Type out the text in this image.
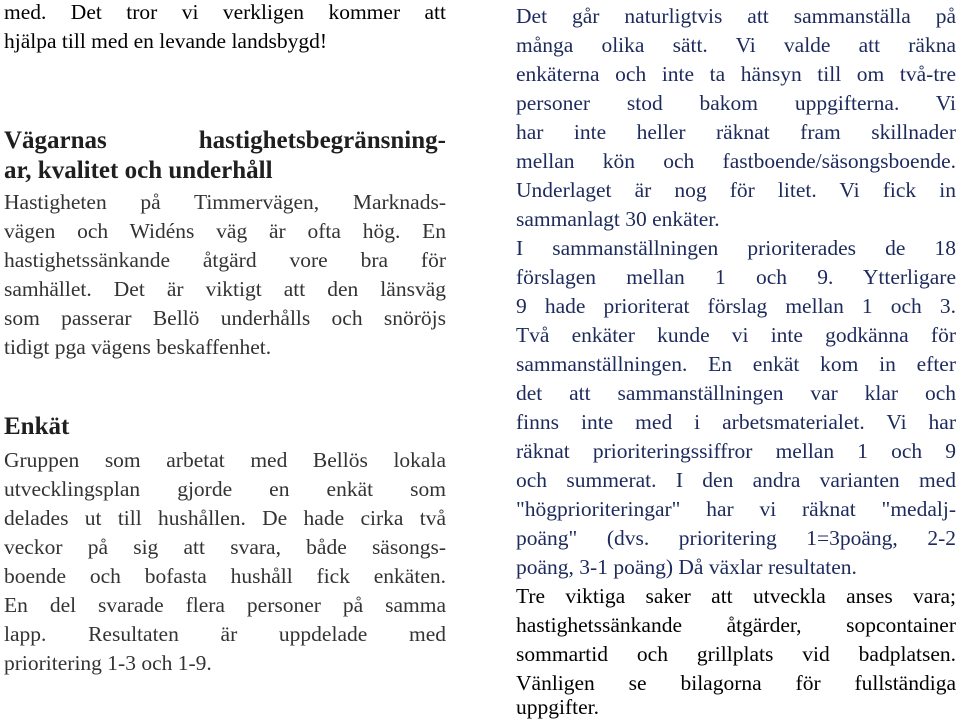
med. Det tror vi verkligen kommer att
hjälpa till med en levande landsbygd!
Vägarnas hastighetsbegränsning-
ar, kvalitet och underhåll
Hastigheten på Timmervägen, Marknads-
vägen och Widéns väg är ofta hög. En
hastighetssänkande åtgärd vore bra för
samhället. Det är viktigt att den länsväg
som passerar Bellö underhålls och snöröjs
tidigt pga vägens beskaffenhet.
Enkät
Gruppen som arbetat med Bellös lokala
utvecklingsplan gjorde en enkät som
delades ut till hushållen. De hade cirka två
veckor på sig att svara, både säsongs-
boende och bofasta hushåll fick enkäten.
En del svarade flera personer på samma
lapp. Resultaten är uppdelade med
prioritering 1-3 och 1-9.
Det går naturligtvis att sammanställa på
många olika sätt. Vi valde att räkna
enkäterna och inte ta hänsyn till om två-tre
personer stod bakom uppgifterna. Vi
har inte heller räknat fram skillnader
mellan kön och fastboende/säsongsboende.
Underlaget är nog för litet. Vi fick in
sammanlagt 30 enkäter.
I sammanställningen prioriterades de 18
förslagen mellan 1 och 9. Ytterligare
9 hade prioriterat förslag mellan 1 och 3.
Två enkäter kunde vi inte godkänna för
sammanställningen. En enkät kom in efter
det att sammanställningen var klar och
finns inte med i arbetsmaterialet. Vi har
räknat prioriteringssiffror mellan 1 och 9
och summerat. I den andra varianten med
"högprioriteringar" har vi räknat "medalj-
poäng" (dvs. prioritering 1=3poäng, 2-2
poäng, 3-1 poäng) Då växlar resultaten.
Tre viktiga saker att utveckla anses vara;
hastighetssänkande åtgärder, sopcontainer
sommartid och grillplats vid badplatsen.
Vänligen se bilagorna för fullständiga
uppgifter.
